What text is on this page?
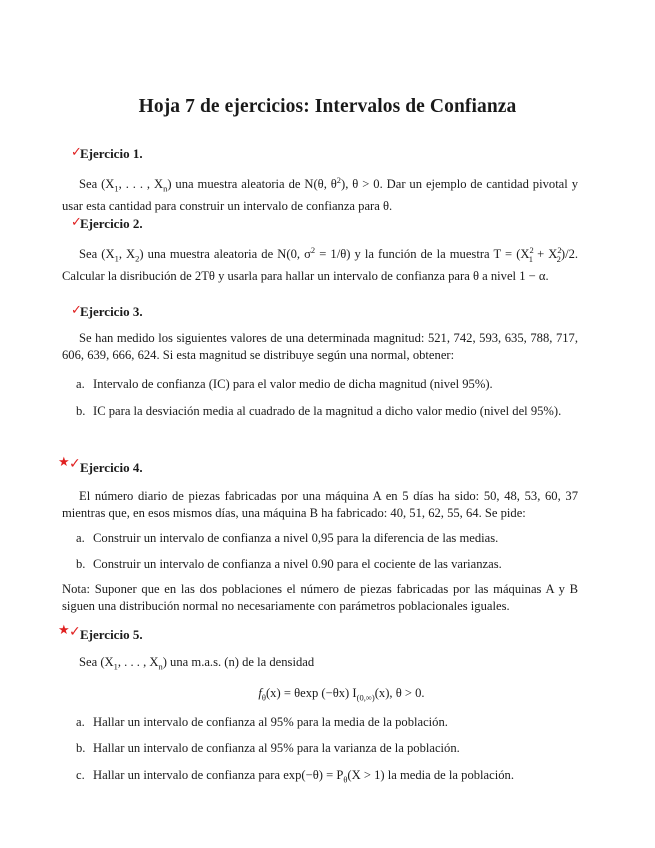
Hoja 7 de ejercicios: Intervalos de Confianza
✓
Ejercicio 1.
Sea ($X_1$, . . . , $X_n$) una muestra aleatoria de N(θ, $\theta^2$), θ > 0. Dar un ejemplo de cantidad pivotal y usar esta cantidad para construir un intervalo de confianza para θ.
✓
Ejercicio 2.
Sea ($X_1$, $X_2$) una muestra aleatoria de N(0, $\sigma^2 = 1/\theta$) y la función de la muestra $T = (X^2_1 + X^2_2)/2$. Calcular la disribución de 2Tθ y usarla para hallar un intervalo de confianza para θ a nivel 1 − α.
✓
Ejercicio 3.
Se han medido los siguientes valores de una determinada magnitud: 521, 742, 593, 635, 788, 717, 606, 639, 666, 624. Si esta magnitud se distribuye según una normal, obtener:
a. Intervalo de confianza (IC) para el valor medio de dicha magnitud (nivel 95%).
b. IC para la desviación media al cuadrado de la magnitud a dicho valor medio (nivel del 95%).
★ ✓ Ejercicio 4.
El número diario de piezas fabricadas por una máquina A en 5 días ha sido: 50, 48, 53, 60, 37 mientras que, en esos mismos días, una máquina B ha fabricado: 40, 51, 62, 55, 64. Se pide:
a. Construir un intervalo de confianza a nivel 0,95 para la diferencia de las medias.
b. Construir un intervalo de confianza a nivel 0.90 para el cociente de las varianzas.
Nota: Suponer que en las dos poblaciones el número de piezas fabricadas por las máquinas A y B siguen una distribución normal no necesariamente con parámetros poblacionales iguales.
★ ✓ Ejercicio 5.
Sea ($X_1$, . . . , $X_n$) una m.a.s. (n) de la densidad
$f_\theta(x) = \theta\exp$ (−θx) $I_{(0,\infty)}(x)$, θ > 0.
a. Hallar un intervalo de confianza al 95% para la media de la población.
b. Hallar un intervalo de confianza al 95% para la varianza de la población.
c. Hallar un intervalo de confianza para $\exp(-\theta) = P_\theta(X > 1)$ la media de la población.
